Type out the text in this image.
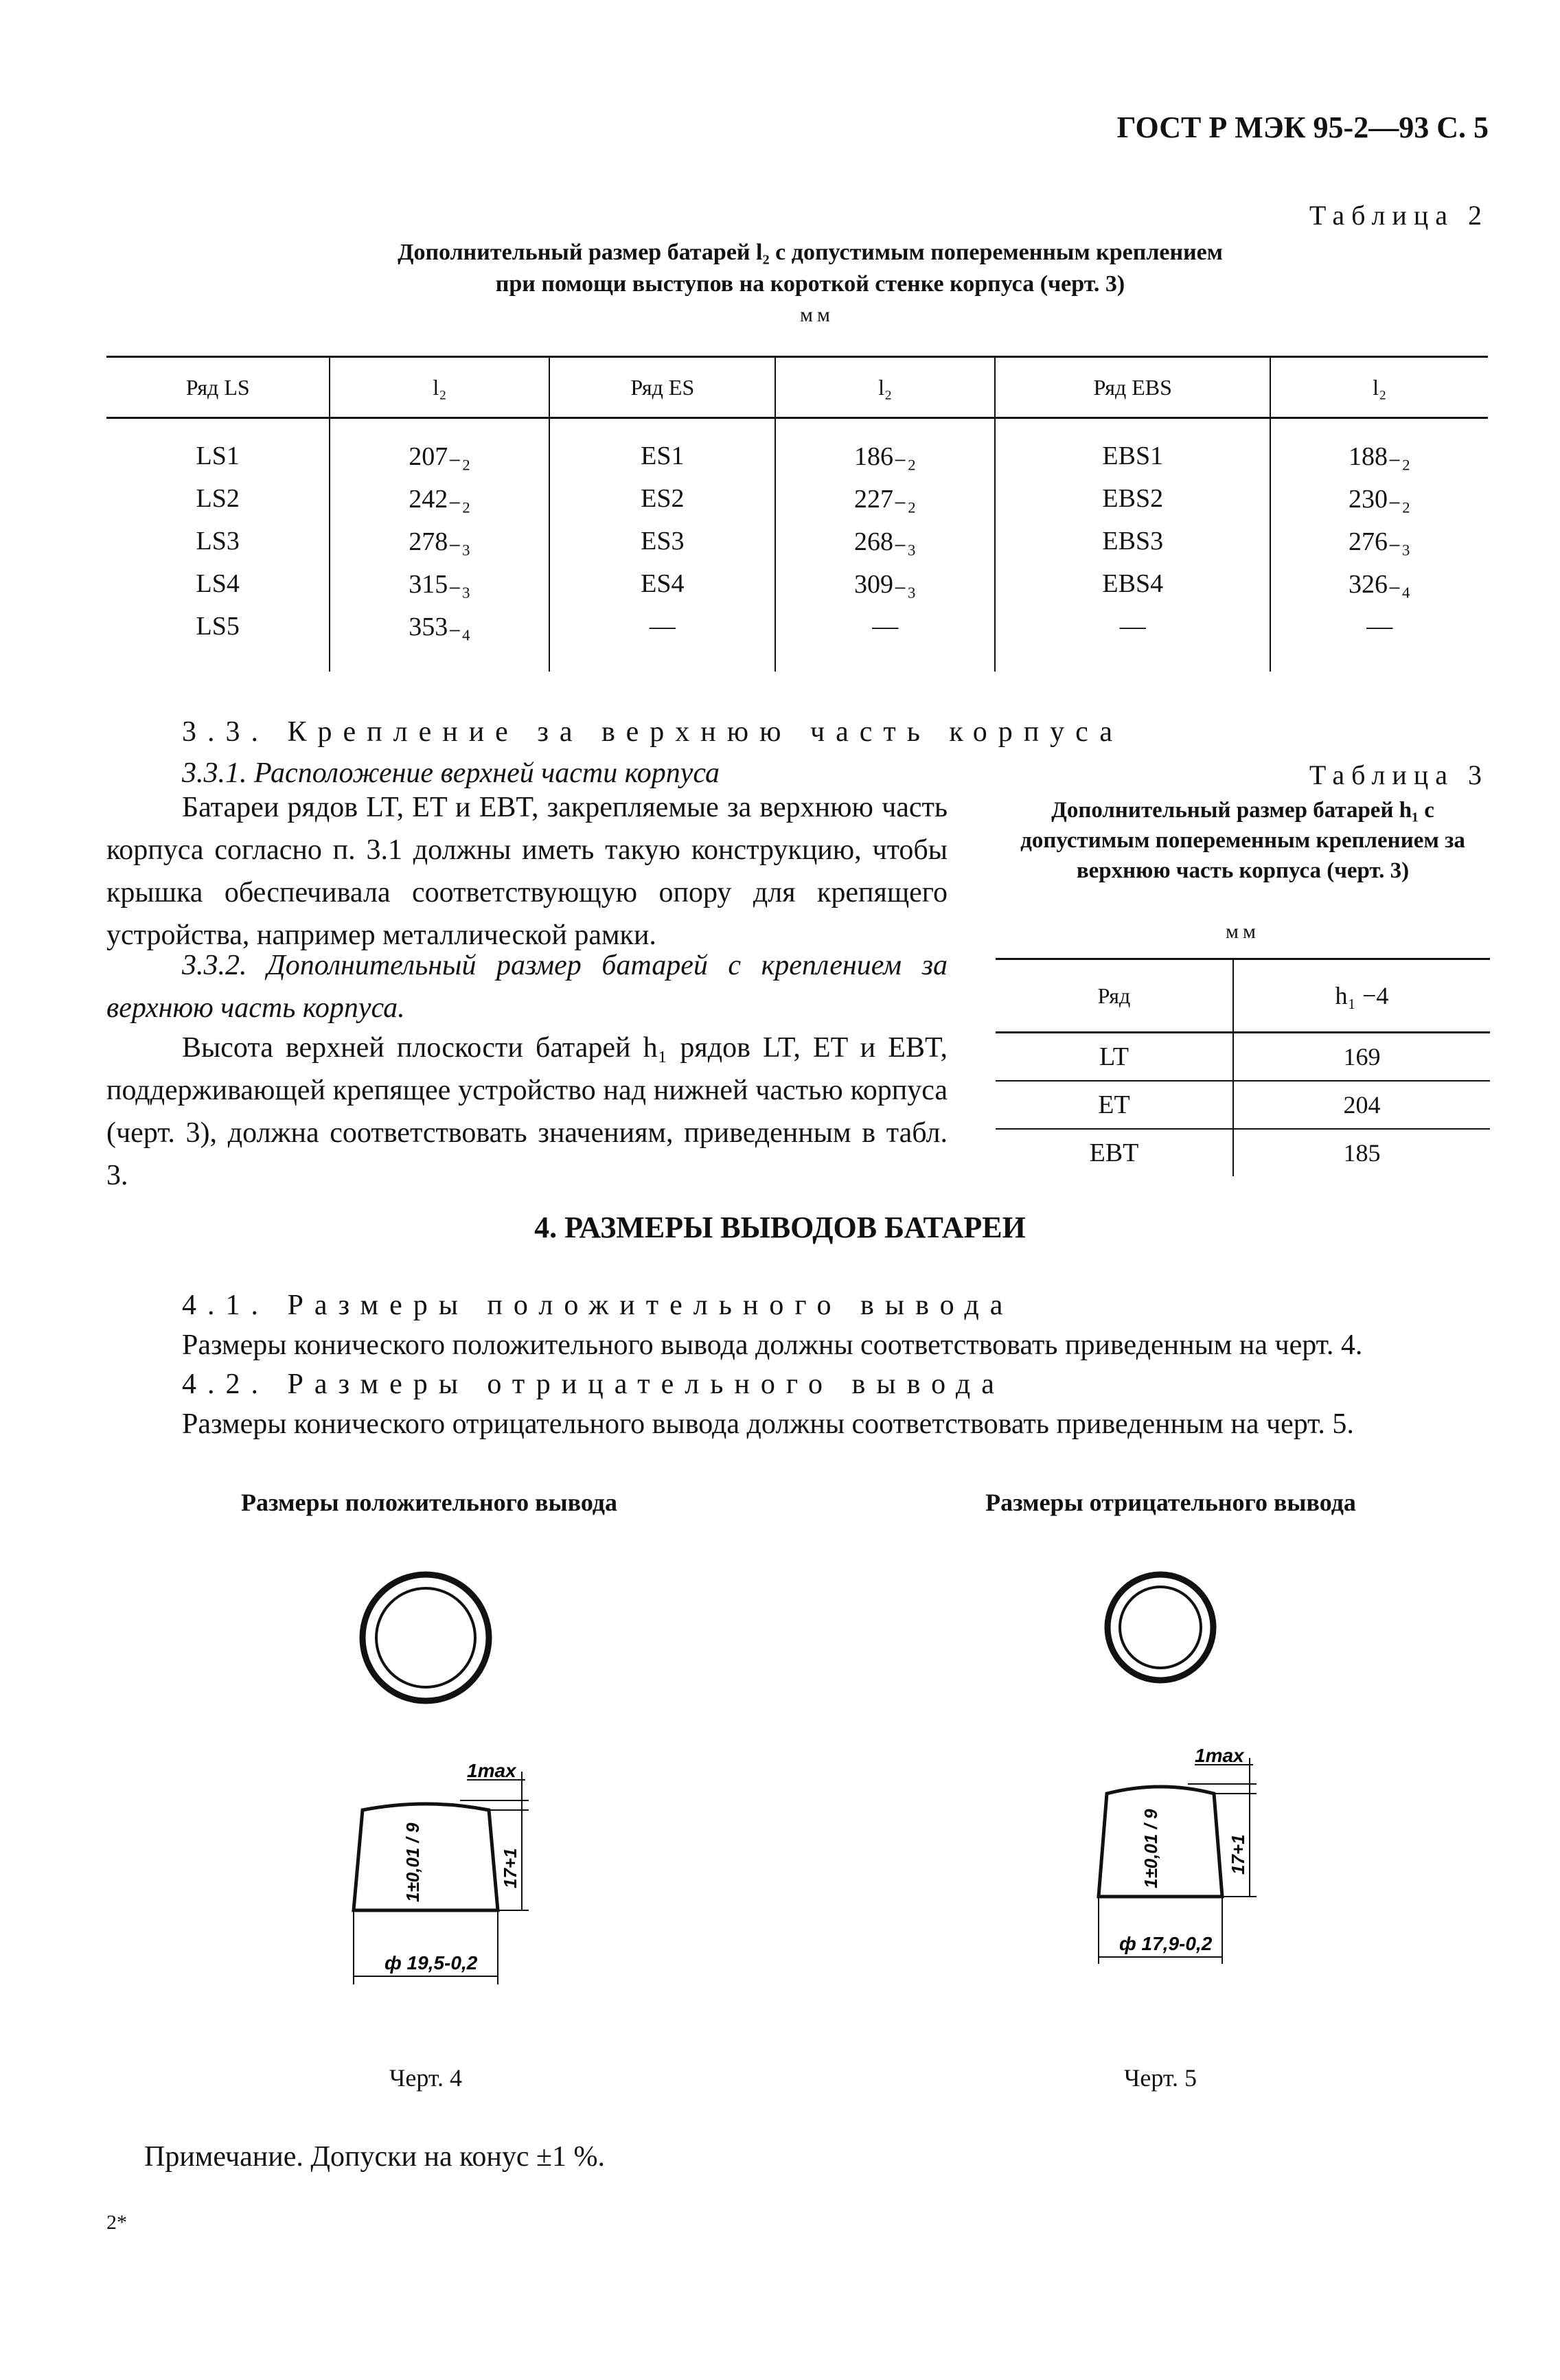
ГОСТ Р МЭК 95-2—93 С. 5
Таблица 2
Дополнительный размер батарей l₂ с допустимым попеременным креплением
при помощи выступов на короткой стенке корпуса (черт. 3)
мм
Ряд LS	l₂	Ряд ES	l₂	Ряд EBS	l₂
LS1	207₋₂	ES1	186₋₂	EBS1	188₋₂
LS2	242₋₂	ES2	227₋₂	EBS2	230₋₂
LS3	278₋₃	ES3	268₋₃	EBS3	276₋₃
LS4	315₋₃	ES4	309₋₃	EBS4	326₋₄
LS5	353₋₄	—	—	—	—
3.3. Крепление за верхнюю часть корпуса
3.3.1. Расположение верхней части корпуса
Батареи рядов LT, ET и EBT, закрепляемые за верхнюю часть корпуса согласно п. 3.1 должны иметь такую конструкцию, чтобы крышка обеспечивала соответствующую опору для крепящего устройства, например металлической рамки.
3.3.2. Дополнительный размер батарей с креплением за верхнюю часть корпуса.
Высота верхней плоскости батарей h₁ рядов LT, ET и EBT, поддерживающей крепящее устройство над нижней частью корпуса (черт. 3), должна соответствовать значениям, приведенным в табл. 3.
Таблица 3
Дополнительный размер батарей h₁ с допустимым попеременным креплением за верхнюю часть корпуса (черт. 3)
мм
Ряд	h₁ −4
LT	169
ET	204
EBT	185
4. РАЗМЕРЫ ВЫВОДОВ БАТАРЕИ
4.1. Размеры положительного вывода
Размеры конического положительного вывода должны соответствовать приведенным на черт. 4.
4.2. Размеры отрицательного вывода
Размеры конического отрицательного вывода должны соответствовать приведенным на черт. 5.
Размеры положительного вывода	Размеры отрицательного вывода
1max
17+1
1±0,01 / 9
ф 19,5-0,2
1max
17+1
1±0,01 / 9
ф 17,9-0,2
Черт. 4	Черт. 5
Примечание. Допуски на конус ±1 %.
2*
